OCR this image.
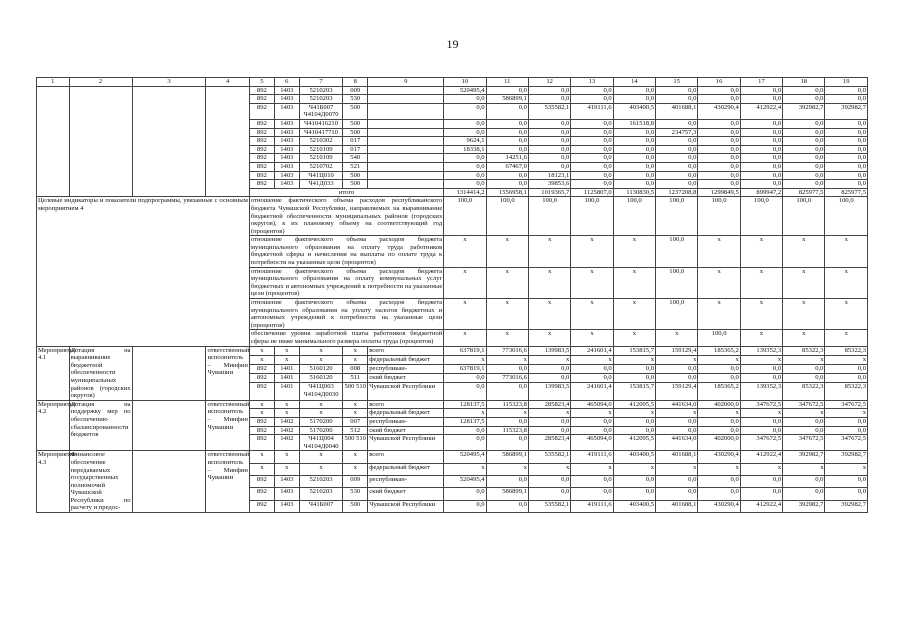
19
1	2	3	4	5	6	7	8	9	10	11	12	13	14	15	16	17	18	19
				892	1403	5210203	009		520495,4	0,0	0,0	0,0	0,0	0,0	0,0	0,0	0,0	0,0
				892	1403	5210203	530		0,0	586899,1	0,0	0,0	0,0	0,0	0,0	0,0	0,0	0,0
				892	1403	Ч41Б007 Ч4104Д0070	500		0,0	0,0	535582,1	419111,6	403400,5	401688,1	430290,4	412922,4	392982,7	392982,7
				892	1403	Ч410416210	500		0,0	0,0	0,0	0,0	161518,8	0,0	0,0	0,0	0,0	0,0
				892	1403	Ч410417710	500		0,0	0,0	0,0	0,0	0,0	234757,3	0,0	0,0	0,0	0,0
				892	1403	5210302	017		9624,1	0,0	0,0	0,0	0,0	0,0	0,0	0,0	0,0	0,0
				892	1403	5210109	017		18338,1	0,0	0,0	0,0	0,0	0,0	0,0	0,0	0,0	0,0
				892	1403	5210109	540		0,0	14251,6	0,0	0,0	0,0	0,0	0,0	0,0	0,0	0,0
				892	1403	5210702	521		0,0	67467,0	0,0	0,0	0,0	0,0	0,0	0,0	0,0	0,0
				892	1403	Ч41Ц010	500		0,0	0,0	18123,1	0,0	0,0	0,0	0,0	0,0	0,0	0,0
				892	1403	Ч41Д033	500		0,0	0,0	39853,6	0,0	0,0	0,0	0,0	0,0	0,0	0,0
				итого					1314414,2	1556958,1	1019365,7	1125807,0	1130830,5	1237208,8	1299849,5	899947,2	825977,5	825977,5
Целевые индикаторы и показатели подпрограммы, увязанные с основным мероприятием 4				отношение фактического объема расходов республиканского бюджета Чувашской Республики, направляемых на выравнивание бюджетной обеспеченности муниципальных районов (городских округов), к их плановому объему на соответствующий год (процентов)					100,0	100,0	100,0	100,0	100,0	100,0	100,0	100,0	100,0	100,0
				отношение фактического объема расходов бюджета муниципального образования на оплату труда работников бюджетной сферы и начисления на выплаты по оплате труда к потребности на указанные цели (процентов)					x	x	x	x	x	100,0	x	x	x	x
				отношение фактического объема расходов бюджета муниципального образования на оплату коммунальных услуг бюджетных и автономных учреждений к потребности на указанные цели (процентов)					x	x	x	x	x	100,0	x	x	x	x
				отношение фактического объема расходов бюджета муниципального образования на уплату налогов бюджетных и автономных учреждений к потребности на указанные цели (процентов)					x	x	x	x	x	100,0	x	x	x	x
				обеспечение уровня заработной платы работников бюджетной сферы не ниже минимального размера оплаты труда (процентов)					x	x	x	x	x	x	100,0	x	x	x
Мероприятие 4.1	Дотация на выравнивание бюджетной обеспеченности муниципальных районов (городских округов)		ответственный исполнитель – Минфин Чувашии	x	x	x	x	всего	637819,1	773016,6	139983,5	241601,4	153815,7	159129,4	185365,2	139352,3	85322,3	85322,3
				x	x	x	x	федеральный бюджет	x	x	x	x	x	x	x	x	x	x
				892	1401	5160120	008	республикан-	637819,1	0,0	0,0	0,0	0,0	0,0	0,0	0,0	0,0	0,0
				892	1401	5160120	511	ский бюджет	0,0	773016,6	0,0	0,0	0,0	0,0	0,0	0,0	0,0	0,0
				892	1401	Ч41Ц003 Ч4104Д0030	500 510	Чувашской Республики	0,0	0,0	139983,5	241601,4	153815,7	159129,4	185365,2	139352,3	85322,3	85322,3
Мероприятие 4.2	Дотация на поддержку мер по обеспечению сбалансированности бюджетов		ответственный исполнитель – Минфин Чувашии	x	x	x	x	всего	128137,5	115323,8	285823,4	465094,0	412095,5	441634,0	402000,0	347672,5	347672,5	347672,5
				x	x	x	x	федеральный бюджет	x	x	x	x	x	x	x	x	x	x
				892	1402	5170200	007	республикан-	128137,5	0,0	0,0	0,0	0,0	0,0	0,0	0,0	0,0	0,0
				892	1402	5170200	512	ский бюджет	0,0	115323,8	0,0	0,0	0,0	0,0	0,0	0,0	0,0	0,0
				892	1402	Ч41Ц004 Ч4104Д0040	500 510	Чувашской Республики	0,0	0,0	285823,4	465094,0	412095,5	441634,0	402000,0	347672,5	347672,5	347672,5
Мероприятие 4.3	Финансовое обеспечение передаваемых государственных полномочий Чувашской Республики по расчету и предос-		ответственный исполнитель – Минфин Чувашии	x	x	x	x	всего	520495,4	586899,1	535582,1	419111,6	403400,5	401688,1	430290,4	412922,4	392982,7	392982,7
				x	x	x	x	федеральный бюджет	x	x	x	x	x	x	x	x	x	x
				892	1403	5210203	009	республикан-	520495,4	0,0	0,0	0,0	0,0	0,0	0,0	0,0	0,0	0,0
				892	1403	5210203	530	ский бюджет	0,0	586899,1	0,0	0,0	0,0	0,0	0,0	0,0	0,0	0,0
				892	1403	Ч41Б007	500	Чувашской Республики	0,0	0,0	535582,1	419111,6	403400,5	401688,1	430290,4	412922,4	392982,7	392982,7
